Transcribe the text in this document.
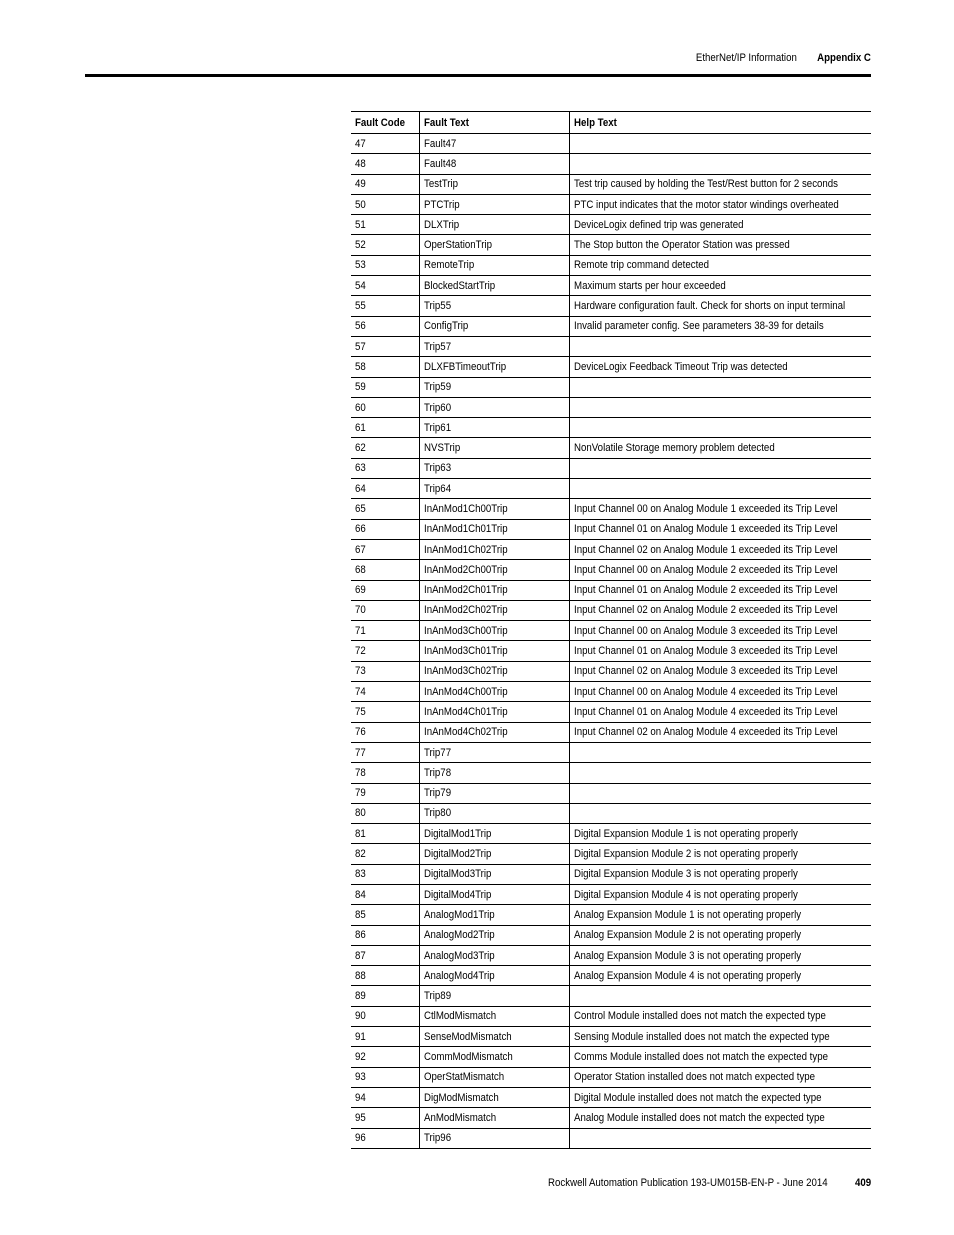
EtherNet/IP Information Appendix C
Fault Code	Fault Text	Help Text
47	Fault47	
48	Fault48	
49	TestTrip	Test trip caused by holding the Test/Rest button for 2 seconds
50	PTCTrip	PTC input indicates that the motor stator windings overheated
51	DLXTrip	DeviceLogix defined trip was generated
52	OperStationTrip	The Stop button the Operator Station was pressed
53	RemoteTrip	Remote trip command detected
54	BlockedStartTrip	Maximum starts per hour exceeded
55	Trip55	Hardware configuration fault. Check for shorts on input terminal
56	ConfigTrip	Invalid parameter config. See parameters 38-39 for details
57	Trip57	
58	DLXFBTimeoutTrip	DeviceLogix Feedback Timeout Trip was detected
59	Trip59	
60	Trip60	
61	Trip61	
62	NVSTrip	NonVolatile Storage memory problem detected
63	Trip63	
64	Trip64	
65	InAnMod1Ch00Trip	Input Channel 00 on Analog Module 1 exceeded its Trip Level
66	InAnMod1Ch01Trip	Input Channel 01 on Analog Module 1 exceeded its Trip Level
67	InAnMod1Ch02Trip	Input Channel 02 on Analog Module 1 exceeded its Trip Level
68	InAnMod2Ch00Trip	Input Channel 00 on Analog Module 2 exceeded its Trip Level
69	InAnMod2Ch01Trip	Input Channel 01 on Analog Module 2 exceeded its Trip Level
70	InAnMod2Ch02Trip	Input Channel 02 on Analog Module 2 exceeded its Trip Level
71	InAnMod3Ch00Trip	Input Channel 00 on Analog Module 3 exceeded its Trip Level
72	InAnMod3Ch01Trip	Input Channel 01 on Analog Module 3 exceeded its Trip Level
73	InAnMod3Ch02Trip	Input Channel 02 on Analog Module 3 exceeded its Trip Level
74	InAnMod4Ch00Trip	Input Channel 00 on Analog Module 4 exceeded its Trip Level
75	InAnMod4Ch01Trip	Input Channel 01 on Analog Module 4 exceeded its Trip Level
76	InAnMod4Ch02Trip	Input Channel 02 on Analog Module 4 exceeded its Trip Level
77	Trip77	
78	Trip78	
79	Trip79	
80	Trip80	
81	DigitalMod1Trip	Digital Expansion Module 1 is not operating properly
82	DigitalMod2Trip	Digital Expansion Module 2 is not operating properly
83	DigitalMod3Trip	Digital Expansion Module 3 is not operating properly
84	DigitalMod4Trip	Digital Expansion Module 4 is not operating properly
85	AnalogMod1Trip	Analog Expansion Module 1 is not operating properly
86	AnalogMod2Trip	Analog Expansion Module 2 is not operating properly
87	AnalogMod3Trip	Analog Expansion Module 3 is not operating properly
88	AnalogMod4Trip	Analog Expansion Module 4 is not operating properly
89	Trip89	
90	CtlModMismatch	Control Module installed does not match the expected type
91	SenseModMismatch	Sensing Module installed does not match the expected type
92	CommModMismatch	Comms Module installed does not match the expected type
93	OperStatMismatch	Operator Station installed does not match expected type
94	DigModMismatch	Digital Module installed does not match the expected type
95	AnModMismatch	Analog Module installed does not match the expected type
96	Trip96	
Rockwell Automation Publication 193-UM015B-EN-P - June 2014 409
